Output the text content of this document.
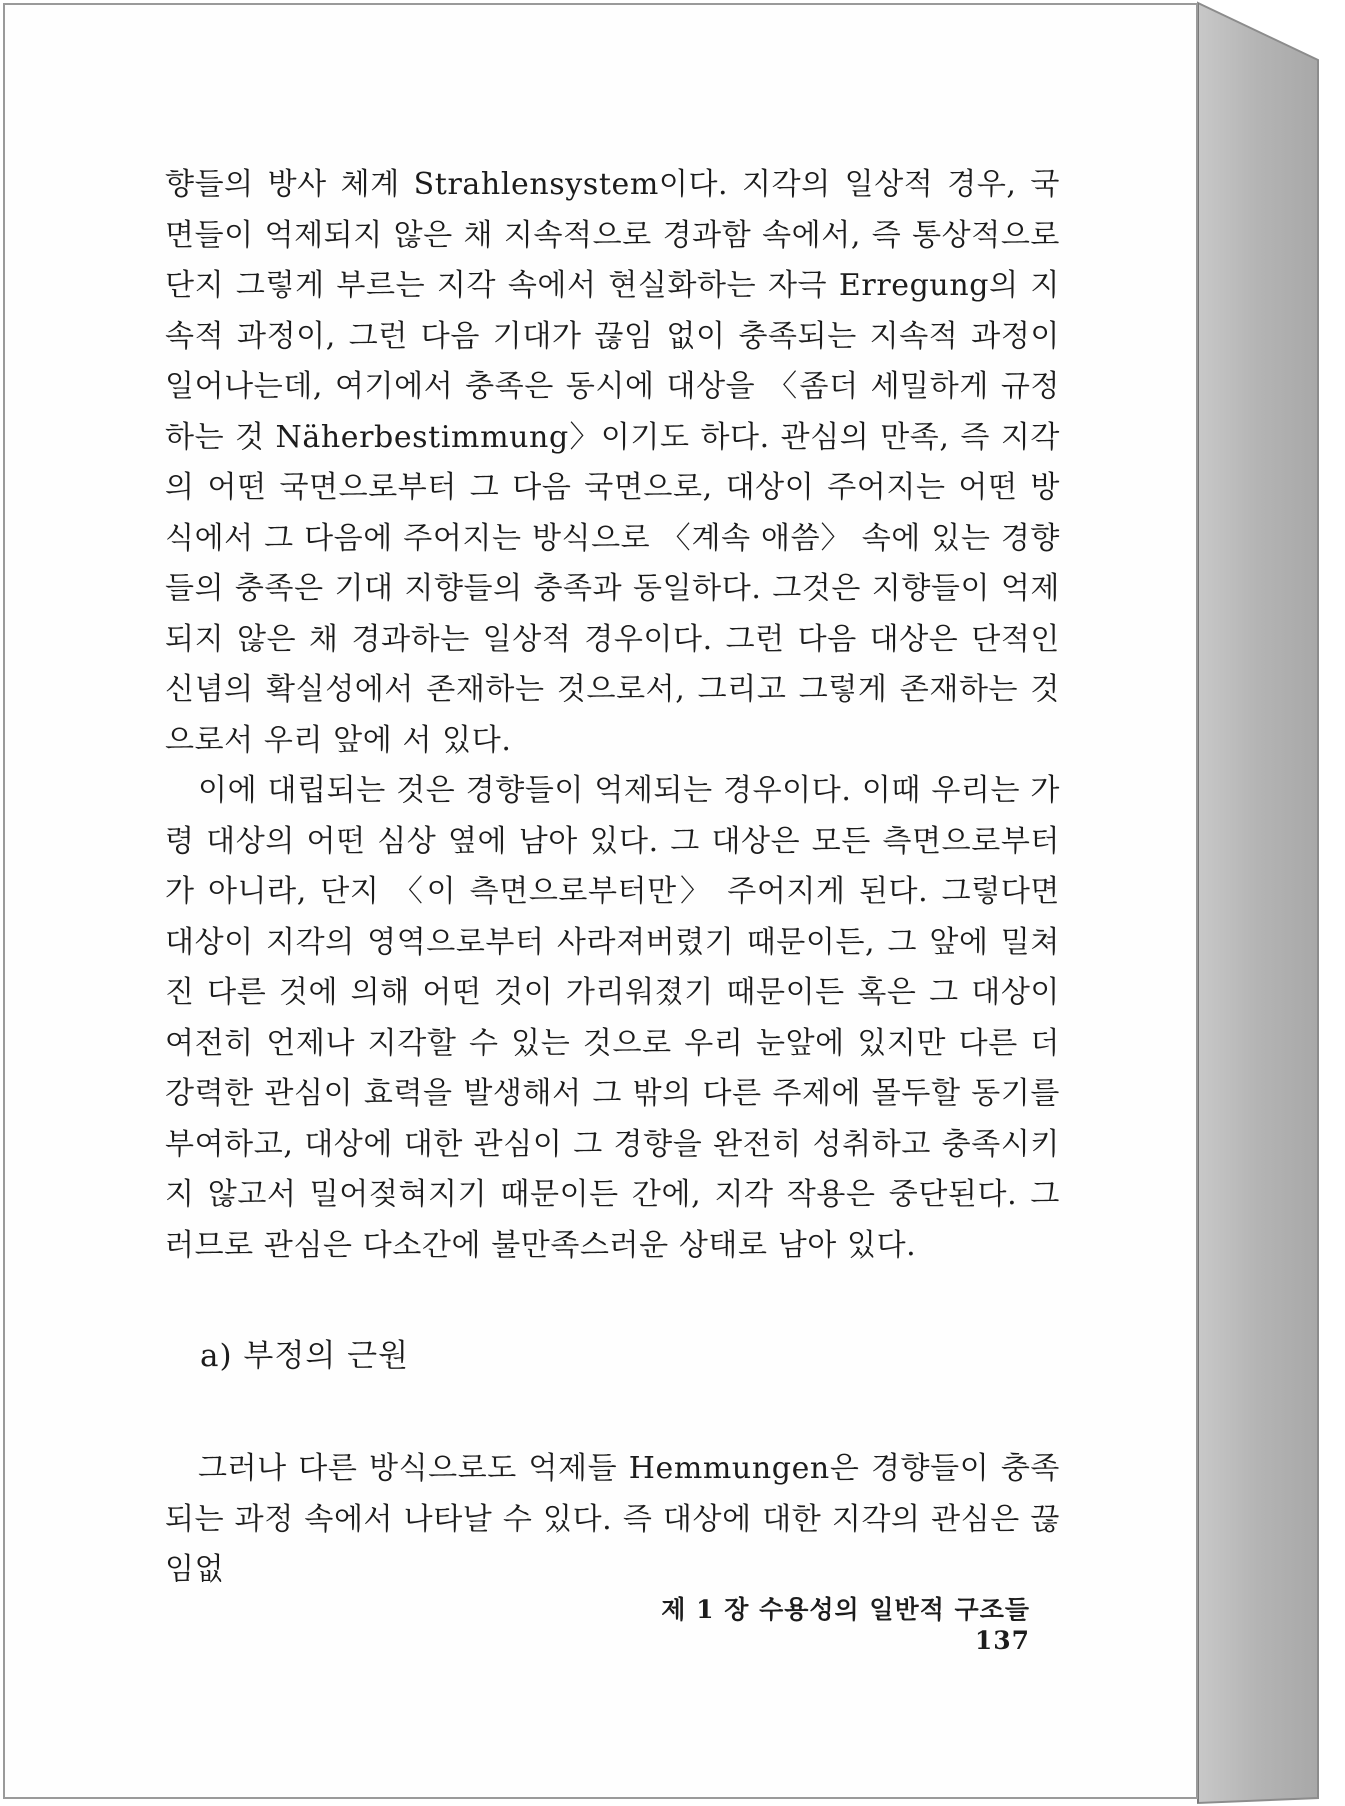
향들의 방사 체계 Strahlensystem이다. 지각의 일상적 경우, 국면들이 억제되지 않은 채 지속적으로 경과함 속에서, 즉 통상적으로 단지 그렇게 부르는 지각 속에서 현실화하는 자극 Erregung의 지속적 과정이, 그런 다음 기대가 끊임 없이 충족되는 지속적 과정이 일어나는데, 여기에서 충족은 동시에 대상을 〈좀더 세밀하게 규정하는 것 Näherbestimmung〉이기도 하다. 관심의 만족, 즉 지각의 어떤 국면으로부터 그 다음 국면으로, 대상이 주어지는 어떤 방식에서 그 다음에 주어지는 방식으로 〈계속 애씀〉 속에 있는 경향들의 충족은 기대 지향들의 충족과 동일하다. 그것은 지향들이 억제되지 않은 채 경과하는 일상적 경우이다. 그런 다음 대상은 단적인 신념의 확실성에서 존재하는 것으로서, 그리고 그렇게 존재하는 것으로서 우리 앞에 서 있다.

이에 대립되는 것은 경향들이 억제되는 경우이다. 이때 우리는 가령 대상의 어떤 심상 옆에 남아 있다. 그 대상은 모든 측면으로부터가 아니라, 단지 〈이 측면으로부터만〉 주어지게 된다. 그렇다면 대상이 지각의 영역으로부터 사라져버렸기 때문이든, 그 앞에 밀쳐진 다른 것에 의해 어떤 것이 가리워졌기 때문이든 혹은 그 대상이 여전히 언제나 지각할 수 있는 것으로 우리 눈앞에 있지만 다른 더 강력한 관심이 효력을 발생해서 그 밖의 다른 주제에 몰두할 동기를 부여하고, 대상에 대한 관심이 그 경향을 완전히 성취하고 충족시키지 않고서 밀어젖혀지기 때문이든 간에, 지각 작용은 중단된다. 그러므로 관심은 다소간에 불만족스러운 상태로 남아 있다.

a) 부정의 근원

그러나 다른 방식으로도 억제들 Hemmungen은 경향들이 충족되는 과정 속에서 나타날 수 있다. 즉 대상에 대한 지각의 관심은 끊임없

제 1 장 수용성의 일반적 구조들137
